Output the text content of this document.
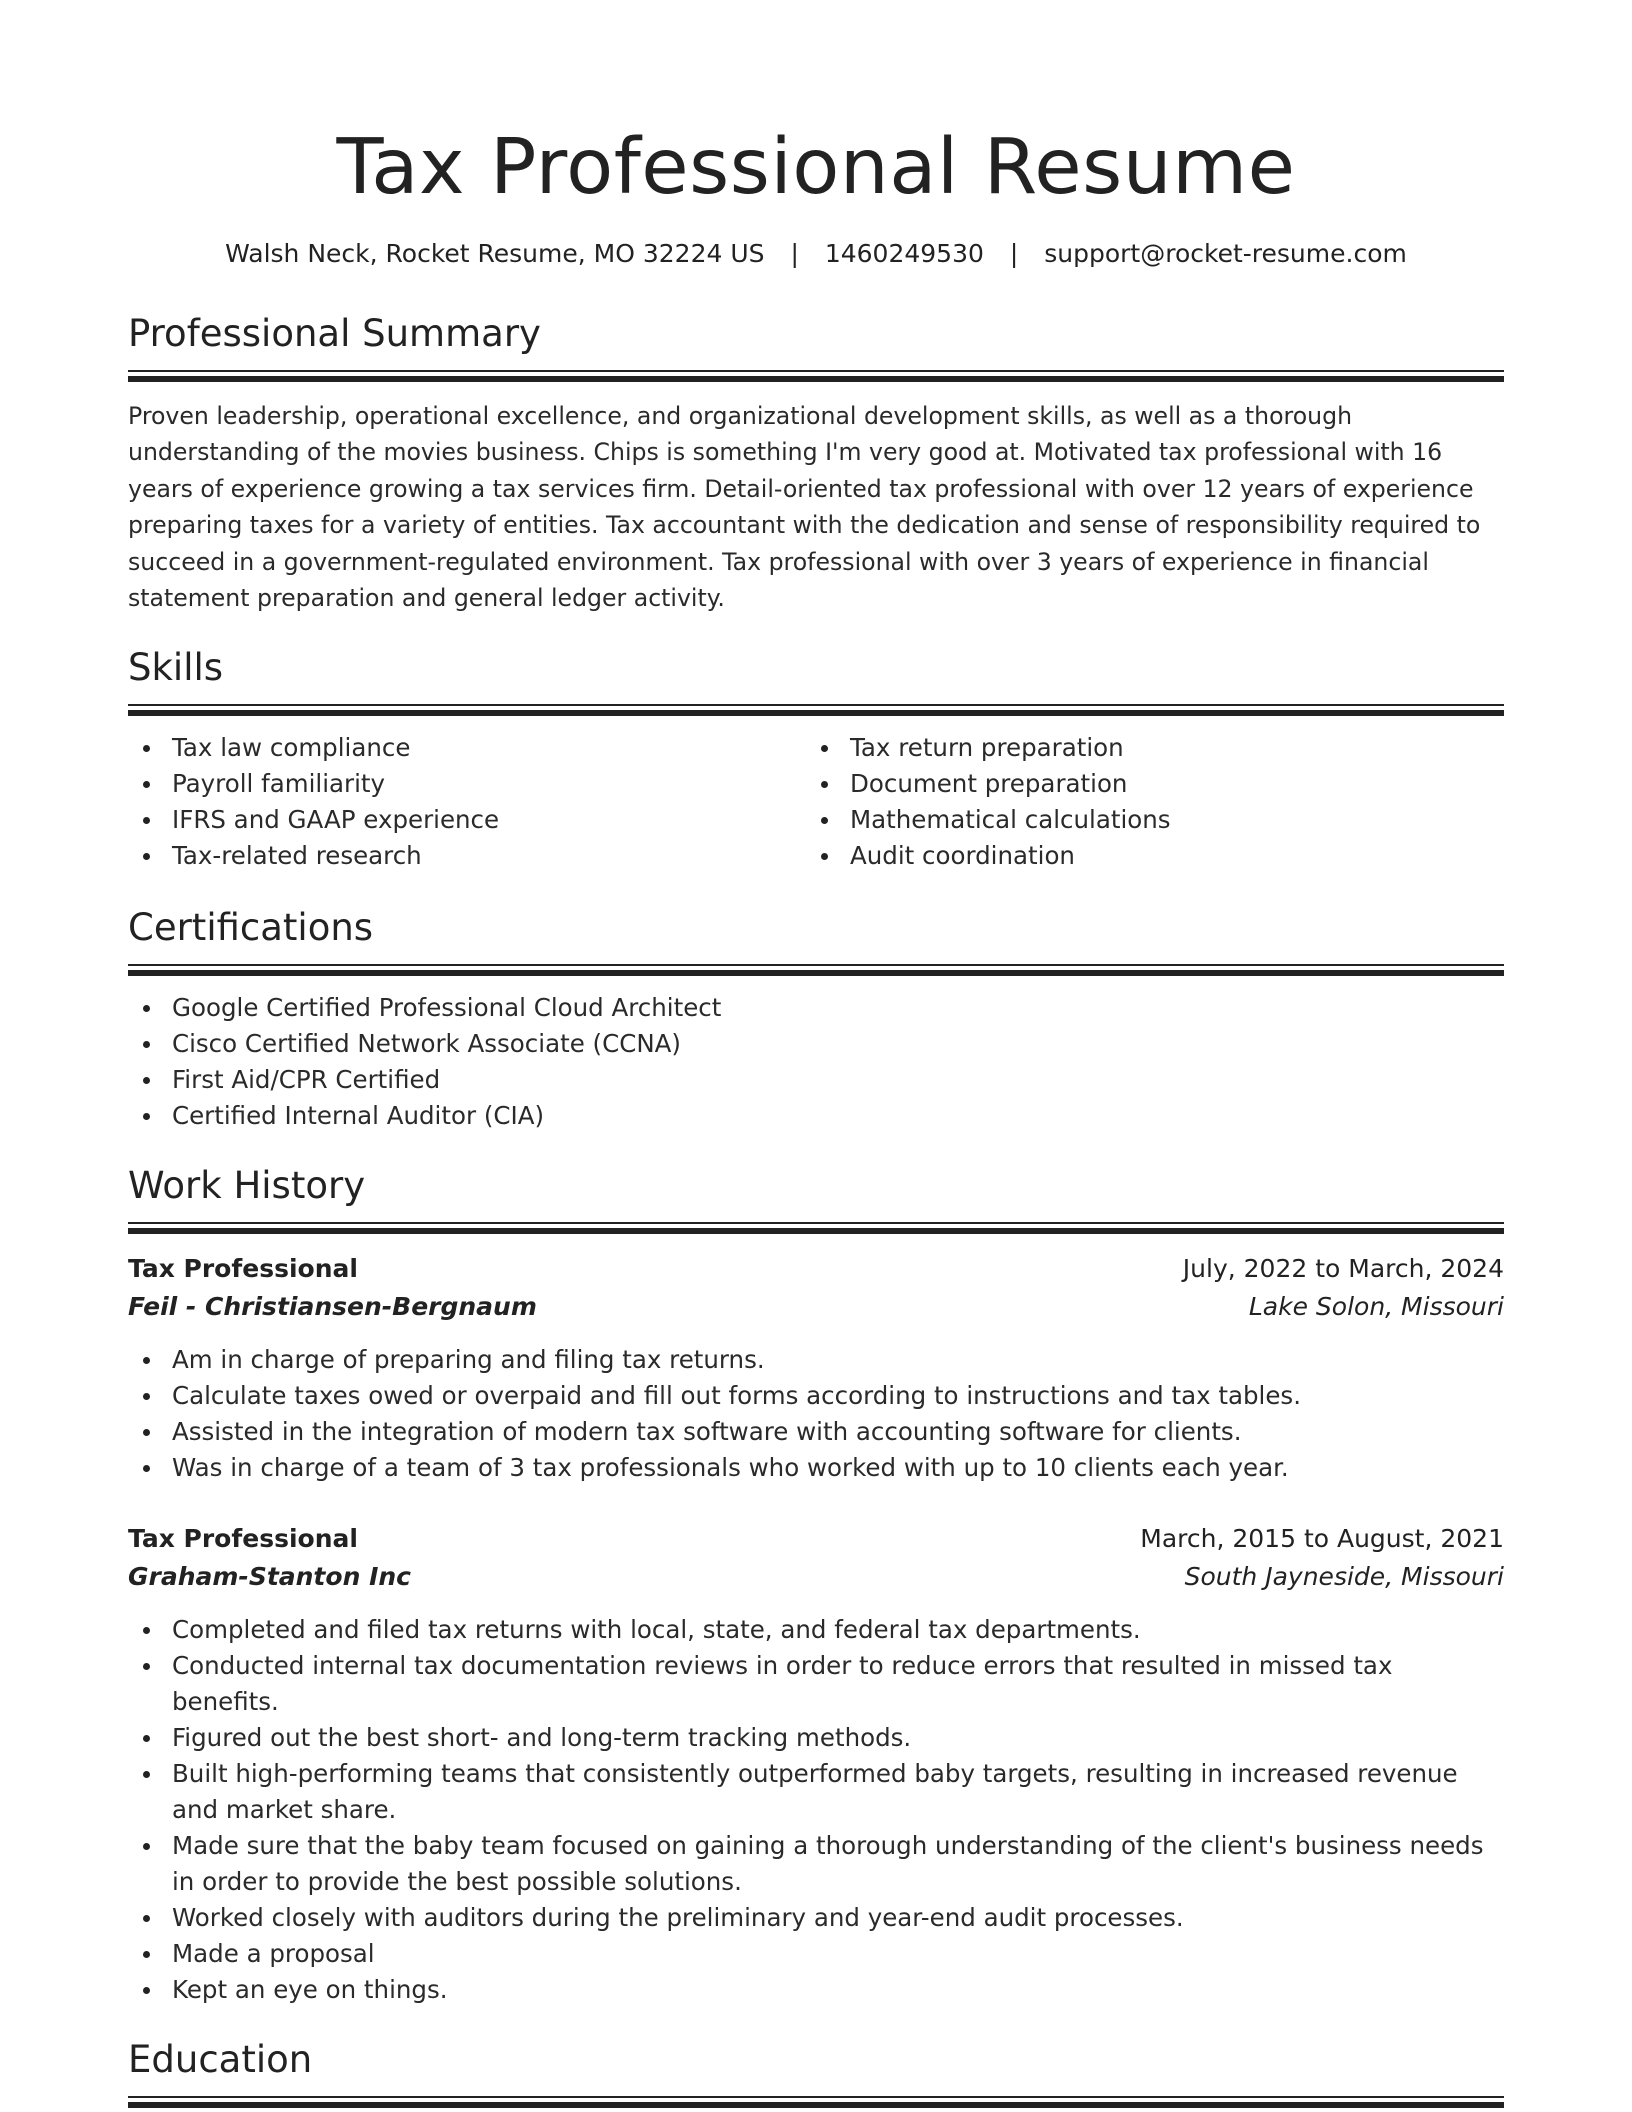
Tax Professional Resume
Walsh Neck, Rocket Resume, MO 32224 US | 1460249530 | support@rocket-resume.com
Professional Summary

Proven leadership, operational excellence, and organizational development skills, as well as a thorough understanding of the movies business. Chips is something I'm very good at. Motivated tax professional with 16 years of experience growing a tax services firm. Detail-oriented tax professional with over 12 years of experience preparing taxes for a variety of entities. Tax accountant with the dedication and sense of responsibility required to succeed in a government-regulated environment. Tax professional with over 3 years of experience in financial statement preparation and general ledger activity.

Skills
Tax law compliance
Payroll familiarity
IFRS and GAAP experience
Tax-related research
Tax return preparation
Document preparation
Mathematical calculations
Audit coordination
Certifications
Google Certified Professional Cloud Architect
Cisco Certified Network Associate (CCNA)
First Aid/CPR Certified
Certified Internal Auditor (CIA)
Work History
Tax Professional	July, 2022 to March, 2024
Feil - Christiansen-Bergnaum	Lake Solon, Missouri
Am in charge of preparing and filing tax returns.
Calculate taxes owed or overpaid and fill out forms according to instructions and tax tables.
Assisted in the integration of modern tax software with accounting software for clients.
Was in charge of a team of 3 tax professionals who worked with up to 10 clients each year.
Tax Professional	March, 2015 to August, 2021
Graham-Stanton Inc	South Jayneside, Missouri
Completed and filed tax returns with local, state, and federal tax departments.
Conducted internal tax documentation reviews in order to reduce errors that resulted in missed tax benefits.
Figured out the best short- and long-term tracking methods.
Built high-performing teams that consistently outperformed baby targets, resulting in increased revenue and market share.
Made sure that the baby team focused on gaining a thorough understanding of the client's business needs in order to provide the best possible solutions.
Worked closely with auditors during the preliminary and year-end audit processes.
Made a proposal
Kept an eye on things.
Education
